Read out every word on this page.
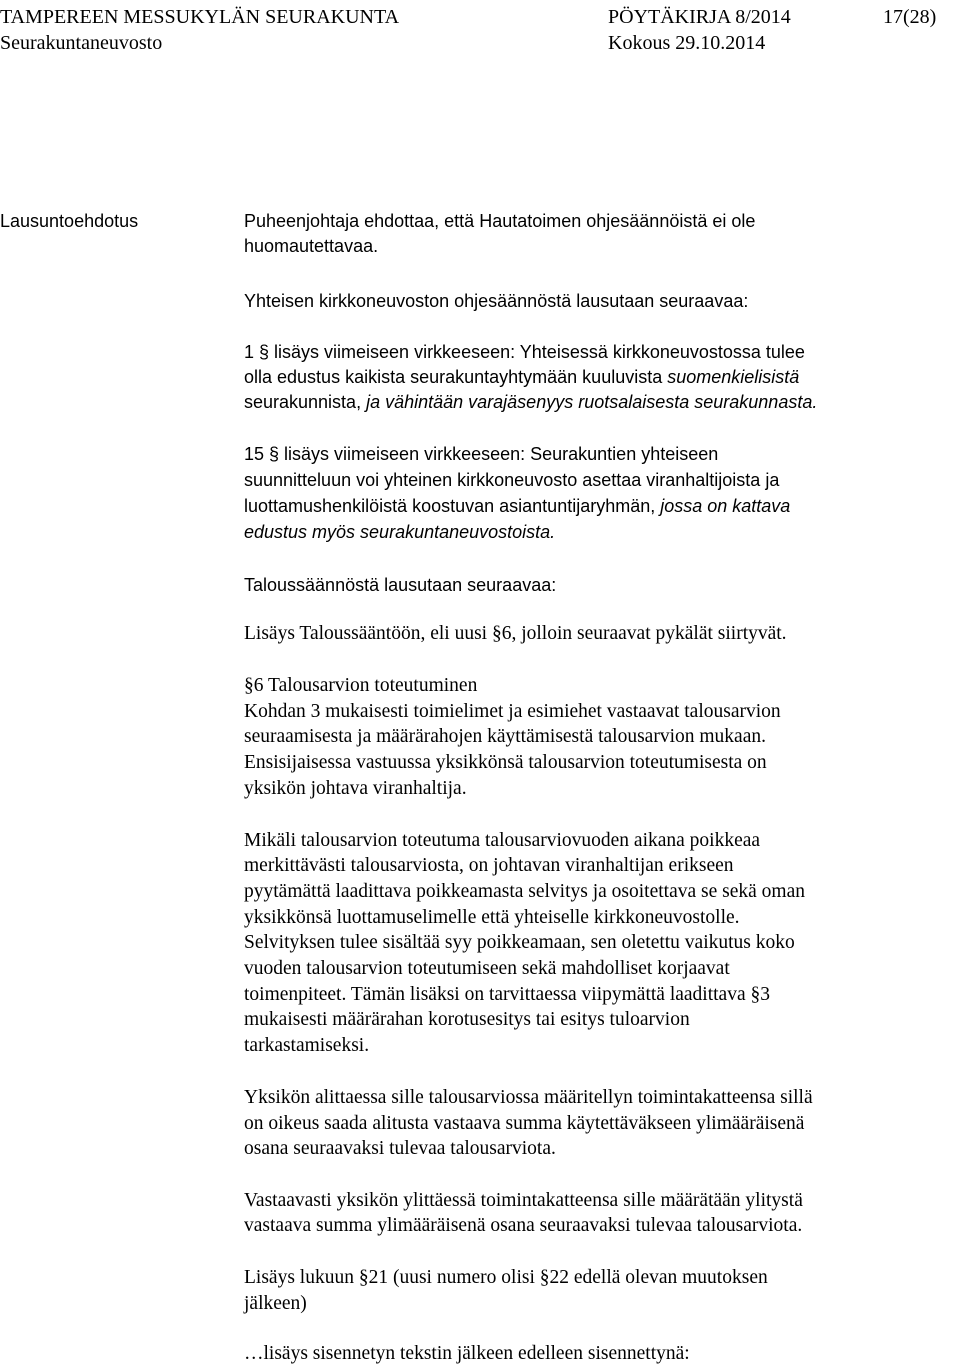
TAMPEREEN MESSUKYLÄN SEURAKUNTA	PÖYTÄKIRJA 8/2014	17(28)
Seurakuntaneuvosto	Kokous 29.10.2014
Lausuntoehdotus	Puheenjohtaja ehdottaa, että Hautatoimen ohjesäännöistä ei ole
huomautettavaa.
Yhteisen kirkkoneuvoston ohjesäännöstä lausutaan seuraavaa:
1 § lisäys viimeiseen virkkeeseen: Yhteisessä kirkkoneuvostossa tulee
olla edustus kaikista seurakuntayhtymään kuuluvista suomenkielisistä
seurakunnista, ja vähintään varajäsenyys ruotsalaisesta seurakunnasta.
15 § lisäys viimeiseen virkkeeseen: Seurakuntien yhteiseen
suunnitteluun voi yhteinen kirkkoneuvosto asettaa viranhaltijoista ja
luottamushenkilöistä koostuvan asiantuntijaryhmän, jossa on kattava
edustus myös seurakuntaneuvostoista.
Taloussäännöstä lausutaan seuraavaa:
Lisäys Taloussääntöön, eli uusi §6, jolloin seuraavat pykälät siirtyvät.
§6 Talousarvion toteutuminen
Kohdan 3 mukaisesti toimielimet ja esimiehet vastaavat talousarvion
seuraamisesta ja määrärahojen käyttämisestä talousarvion mukaan.
Ensisijaisessa vastuussa yksikkönsä talousarvion toteutumisesta on
yksikön johtava viranhaltija.
Mikäli talousarvion toteutuma talousarviovuoden aikana poikkeaa
merkittävästi talousarviosta, on johtavan viranhaltijan erikseen
pyytämättä laadittava poikkeamasta selvitys ja osoitettava se sekä oman
yksikkönsä luottamuselimelle että yhteiselle kirkkoneuvostolle.
Selvityksen tulee sisältää syy poikkeamaan, sen oletettu vaikutus koko
vuoden talousarvion toteutumiseen sekä mahdolliset korjaavat
toimenpiteet. Tämän lisäksi on tarvittaessa viipymättä laadittava §3
mukaisesti määrärahan korotusesitys tai esitys tuloarvion
tarkastamiseksi.
Yksikön alittaessa sille talousarviossa määritellyn toimintakatteensa sillä
on oikeus saada alitusta vastaava summa käytettäväkseen ylimääräisenä
osana seuraavaksi tulevaa talousarviota.
Vastaavasti yksikön ylittäessä toimintakatteensa sille määrätään ylitystä
vastaava summa ylimääräisenä osana seuraavaksi tulevaa talousarviota.
Lisäys lukuun §21 (uusi numero olisi §22 edellä olevan muutoksen
jälkeen)
…lisäys sisennetyn tekstin jälkeen edelleen sisennettynä:
